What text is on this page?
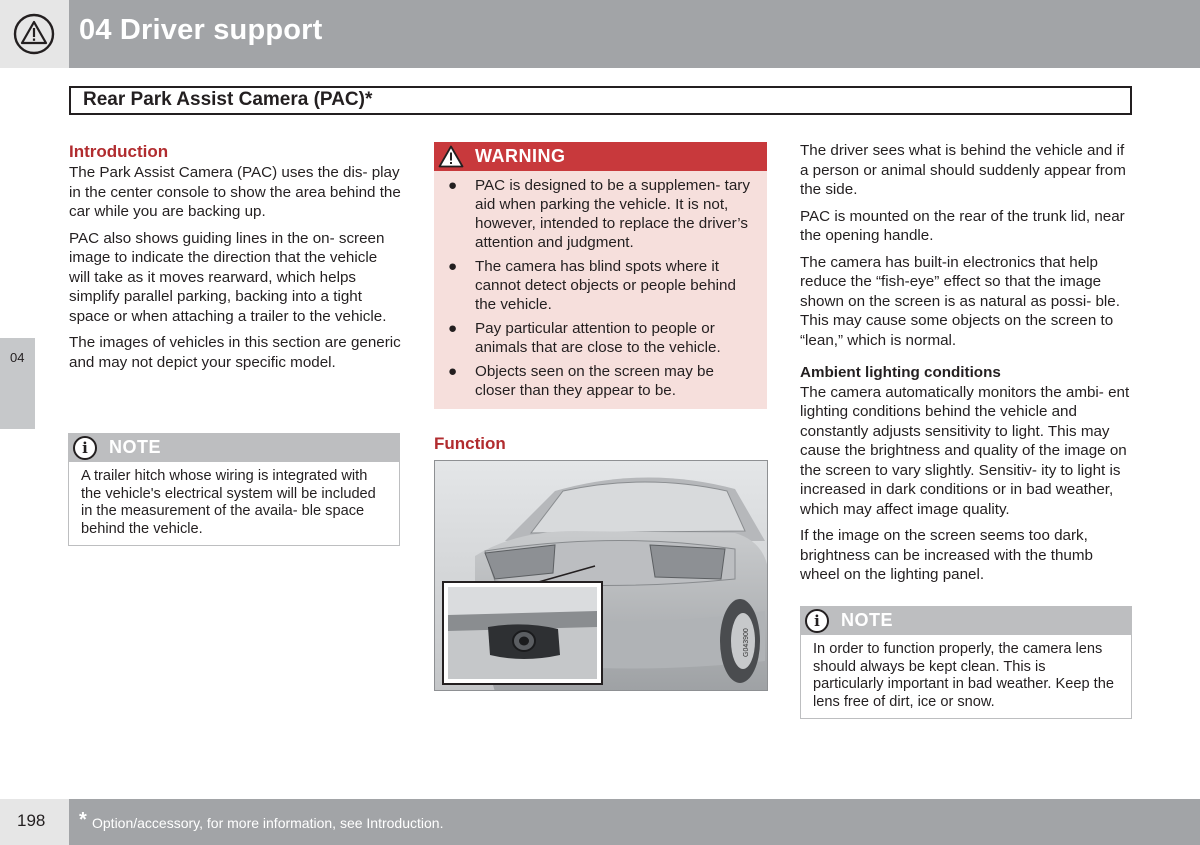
04 Driver support
Rear Park Assist Camera (PAC)*
04
Introduction

The Park Assist Camera (PAC) uses the dis- play in the center console to show the area behind the car while you are backing up.

PAC also shows guiding lines in the on- screen image to indicate the direction that the vehicle will take as it moves rearward, which helps simplify parallel parking, backing into a tight space or when attaching a trailer to the vehicle.

The images of vehicles in this section are generic and may not depict your specific model.

i	NOTE
A trailer hitch whose wiring is integrated with the vehicle's electrical system will be included in the measurement of the availa- ble space behind the vehicle.
WARNING
● PAC is designed to be a supplemen- tary aid when parking the vehicle. It is not, however, intended to replace the driver’s attention and judgment.
● The camera has blind spots where it cannot detect objects or people behind the vehicle.
● Pay particular attention to people or animals that are close to the vehicle.
● Objects seen on the screen may be closer than they appear to be.
Function
G043900

The driver sees what is behind the vehicle and if a person or animal should suddenly appear from the side.

PAC is mounted on the rear of the trunk lid, near the opening handle.

The camera has built-in electronics that help reduce the “fish-eye” effect so that the image shown on the screen is as natural as possi- ble. This may cause some objects on the screen to “lean,” which is normal.

Ambient lighting conditions

The camera automatically monitors the ambi- ent lighting conditions behind the vehicle and constantly adjusts sensitivity to light. This may cause the brightness and quality of the image on the screen to vary slightly. Sensitiv- ity to light is increased in dark conditions or in bad weather, which may affect image quality.

If the image on the screen seems too dark, brightness can be increased with the thumb wheel on the lighting panel.

i	NOTE
In order to function properly, the camera lens should always be kept clean. This is particularly important in bad weather. Keep the lens free of dirt, ice or snow.
198 * Option/accessory, for more information, see Introduction.
